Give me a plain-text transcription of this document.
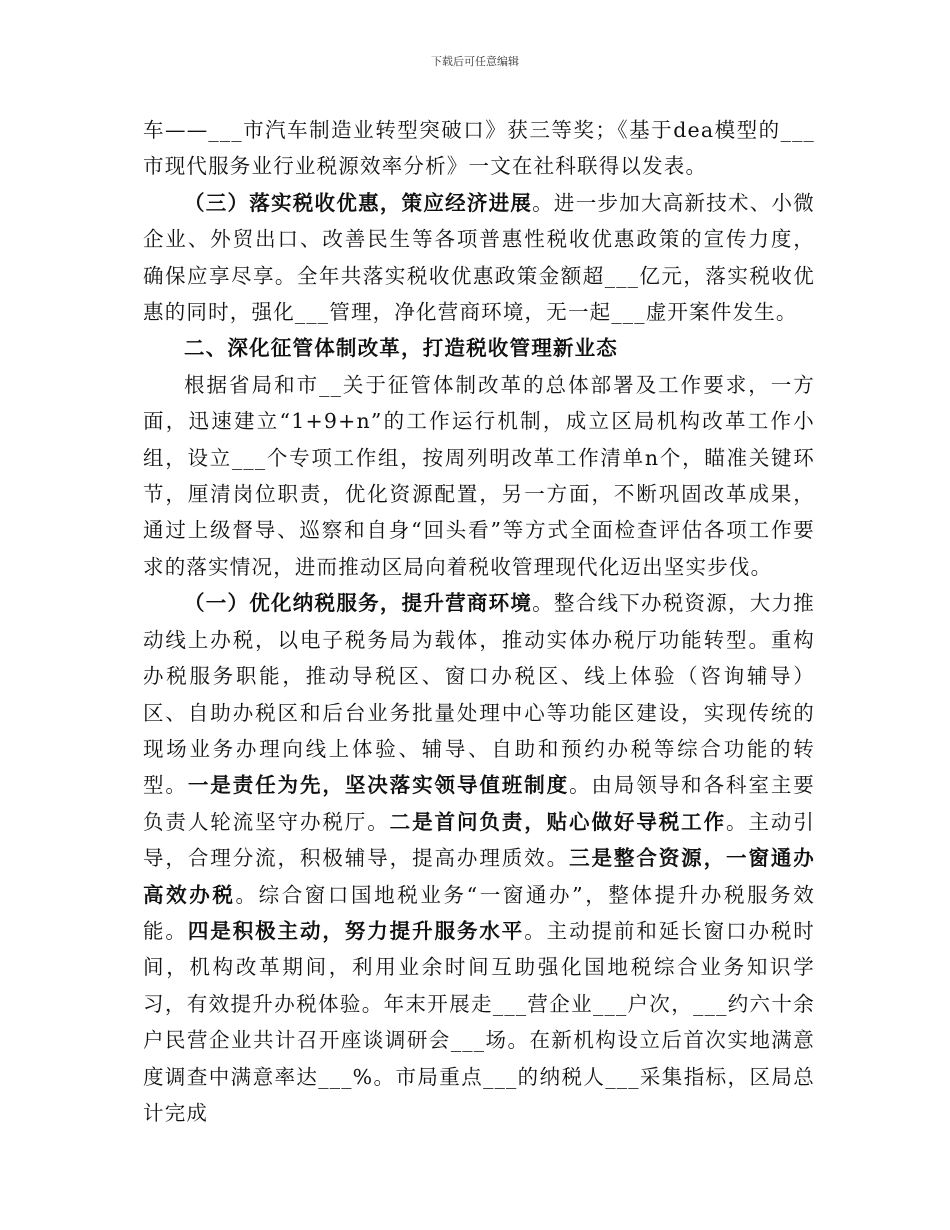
下载后可任意编辑

车——___市汽车制造业转型突破口》获三等奖；《基于dea模型的___市现代服务业行业税源效率分析》一文在社科联得以发表。

（三）落实税收优惠，策应经济进展。进一步加大高新技术、小微企业、外贸出口、改善民生等各项普惠性税收优惠政策的宣传力度，确保应享尽享。全年共落实税收优惠政策金额超___亿元，落实税收优惠的同时，强化___管理，净化营商环境，无一起___虚开案件发生。

二、深化征管体制改革，打造税收管理新业态

根据省局和市__关于征管体制改革的总体部署及工作要求，一方面，迅速建立“1+9+n”的工作运行机制，成立区局机构改革工作小组，设立___个专项工作组，按周列明改革工作清单n个，瞄准关键环节，厘清岗位职责，优化资源配置，另一方面，不断巩固改革成果，通过上级督导、巡察和自身“回头看”等方式全面检查评估各项工作要求的落实情况，进而推动区局向着税收管理现代化迈出坚实步伐。

（一）优化纳税服务，提升营商环境。整合线下办税资源，大力推动线上办税，以电子税务局为载体，推动实体办税厅功能转型。重构办税服务职能，推动导税区、窗口办税区、线上体验（咨询辅导）区、自助办税区和后台业务批量处理中心等功能区建设，实现传统的现场业务办理向线上体验、辅导、自助和预约办税等综合功能的转型。一是责任为先，坚决落实领导值班制度。由局领导和各科室主要负责人轮流坚守办税厅。二是首问负责，贴心做好导税工作。主动引导，合理分流，积极辅导，提高办理质效。三是整合资源，一窗通办高效办税。综合窗口国地税业务“一窗通办”，整体提升办税服务效能。四是积极主动，努力提升服务水平。主动提前和延长窗口办税时间，机构改革期间，利用业余时间互助强化国地税综合业务知识学习，有效提升办税体验。年末开展走___营企业___户次，___约六十余户民营企业共计召开座谈调研会___场。在新机构设立后首次实地满意度调查中满意率达___%。市局重点___的纳税人___采集指标，区局总计完成
